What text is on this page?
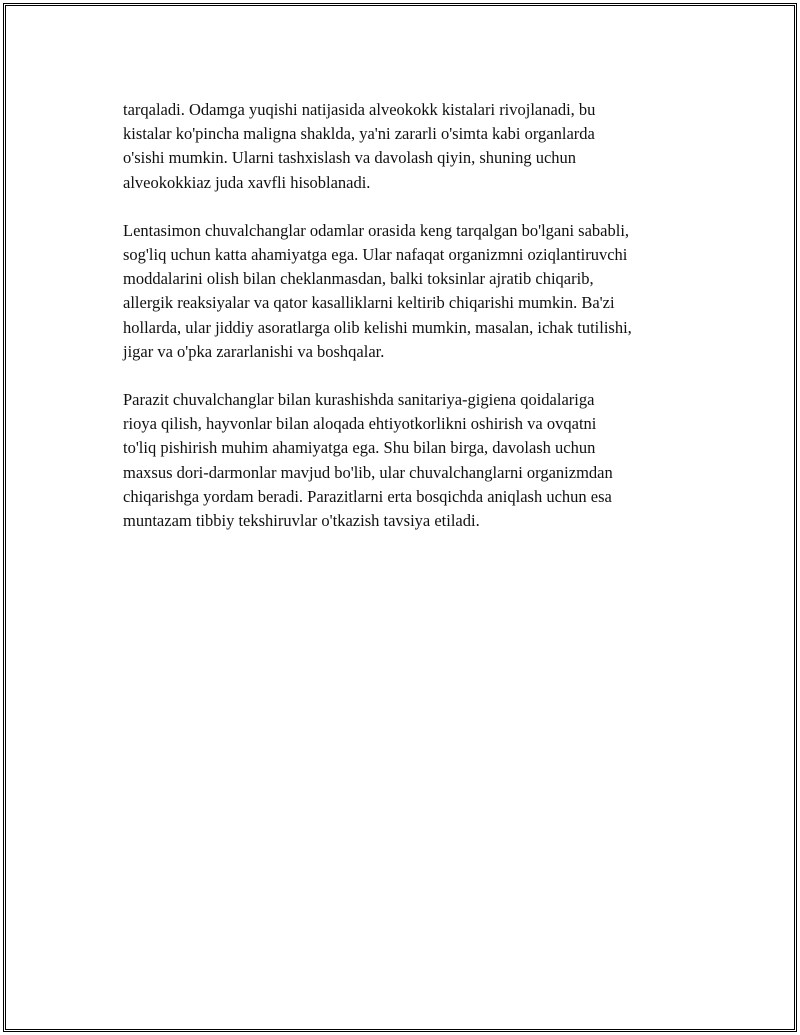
tarqaladi. Odamga yuqishi natijasida alveokokk kistalari rivojlanadi, bu
kistalar ko'pincha maligna shaklda, ya'ni zararli o'simta kabi organlarda
o'sishi mumkin. Ularni tashxislash va davolash qiyin, shuning uchun
alveokokkiaz juda xavfli hisoblanadi.

Lentasimon chuvalchanglar odamlar orasida keng tarqalgan bo'lgani sababli,
sog'liq uchun katta ahamiyatga ega. Ular nafaqat organizmni oziqlantiruvchi
moddalarini olish bilan cheklanmasdan, balki toksinlar ajratib chiqarib,
allergik reaksiyalar va qator kasalliklarni keltirib chiqarishi mumkin. Ba'zi
hollarda, ular jiddiy asoratlarga olib kelishi mumkin, masalan, ichak tutilishi,
jigar va o'pka zararlanishi va boshqalar.

Parazit chuvalchanglar bilan kurashishda sanitariya-gigiena qoidalariga
rioya qilish, hayvonlar bilan aloqada ehtiyotkorlikni oshirish va ovqatni
to'liq pishirish muhim ahamiyatga ega. Shu bilan birga, davolash uchun
maxsus dori-darmonlar mavjud bo'lib, ular chuvalchanglarni organizmdan
chiqarishga yordam beradi. Parazitlarni erta bosqichda aniqlash uchun esa
muntazam tibbiy tekshiruvlar o'tkazish tavsiya etiladi.
